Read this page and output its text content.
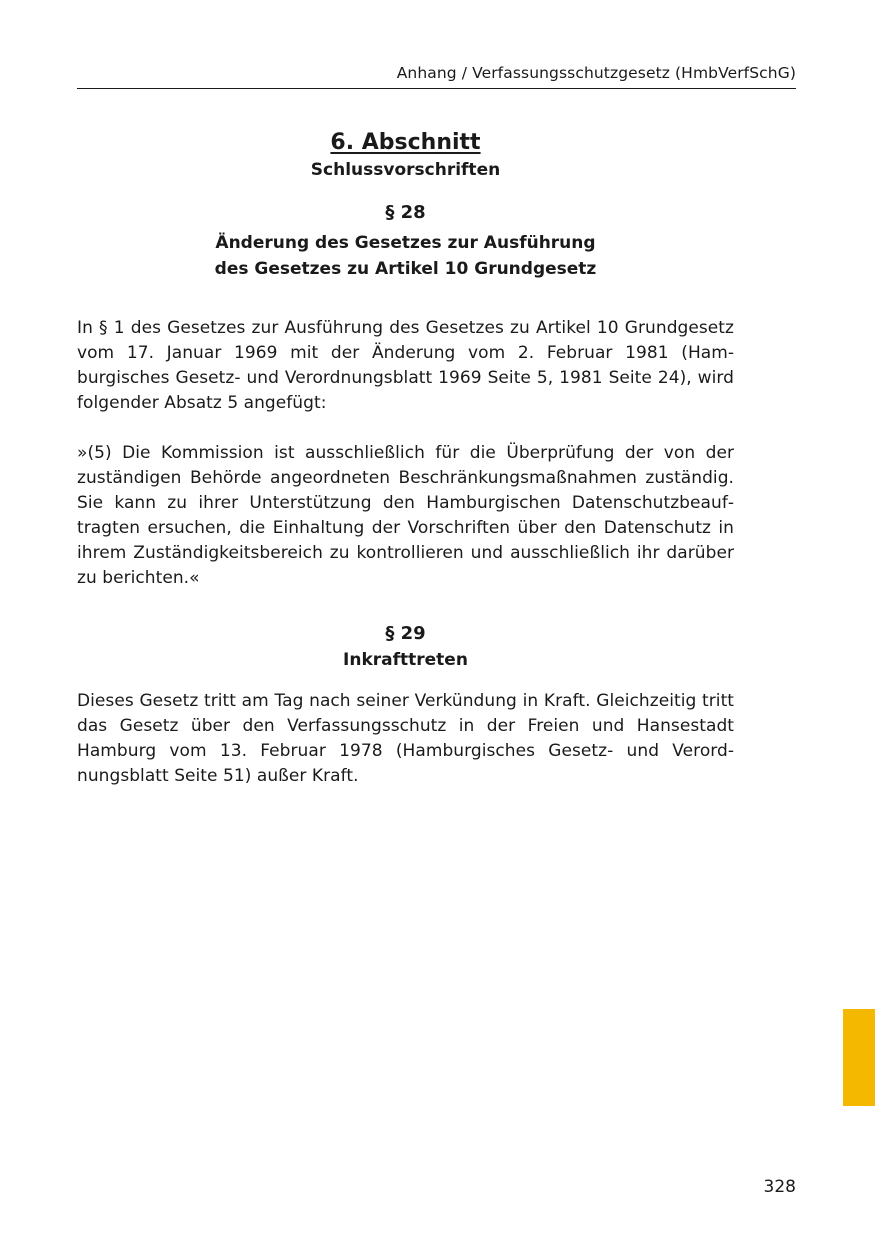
Anhang / Verfassungsschutzgesetz (HmbVerfSchG)
6. Abschnitt
Schlussvorschriften
§ 28
Änderung des Gesetzes zur Ausführung
des Gesetzes zu Artikel 10 Grundgesetz

In § 1 des Gesetzes zur Ausführung des Gesetzes zu Artikel 10 Grundgesetz vom 17. Januar 1969 mit der Änderung vom 2. Februar 1981 (Hamburgisches Gesetz- und Verordnungsblatt 1969 Seite 5, 1981 Seite 24), wird folgender Absatz 5 angefügt:

»(5) Die Kommission ist ausschließlich für die Überprüfung der von der zuständigen Behörde angeordneten Beschränkungsmaßnahmen zuständig. Sie kann zu ihrer Unterstützung den Hamburgischen Datenschutzbeauftragten ersuchen, die Einhaltung der Vorschriften über den Datenschutz in ihrem Zuständigkeitsbereich zu kontrollieren und ausschließlich ihr darüber zu berichten.«

§ 29
Inkrafttreten

Dieses Gesetz tritt am Tag nach seiner Verkündung in Kraft. Gleichzeitig tritt das Gesetz über den Verfassungsschutz in der Freien und Hansestadt Hamburg vom 13. Februar 1978 (Hamburgisches Gesetz- und Verordnungsblatt Seite 51) außer Kraft.

328
